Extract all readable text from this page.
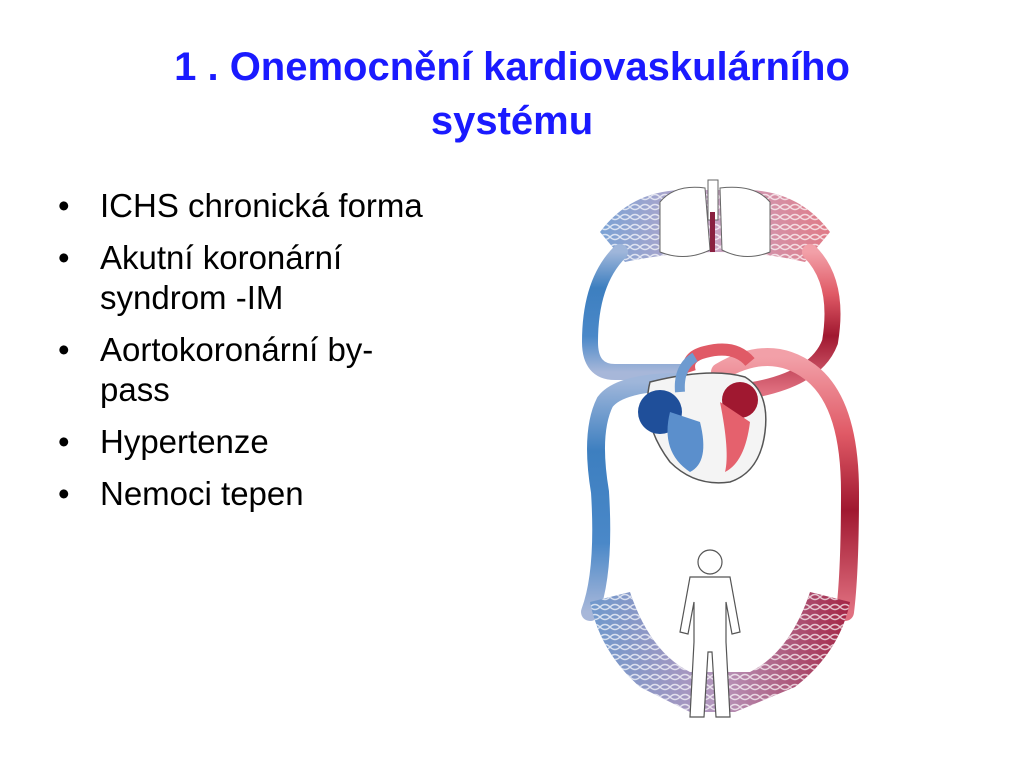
1 . Onemocnění kardiovaskulárního
systému
• ICHS chronická forma
• Akutní koronární
syndrom -IM
• Aortokoronární by-
pass
• Hypertenze
• Nemoci tepen
